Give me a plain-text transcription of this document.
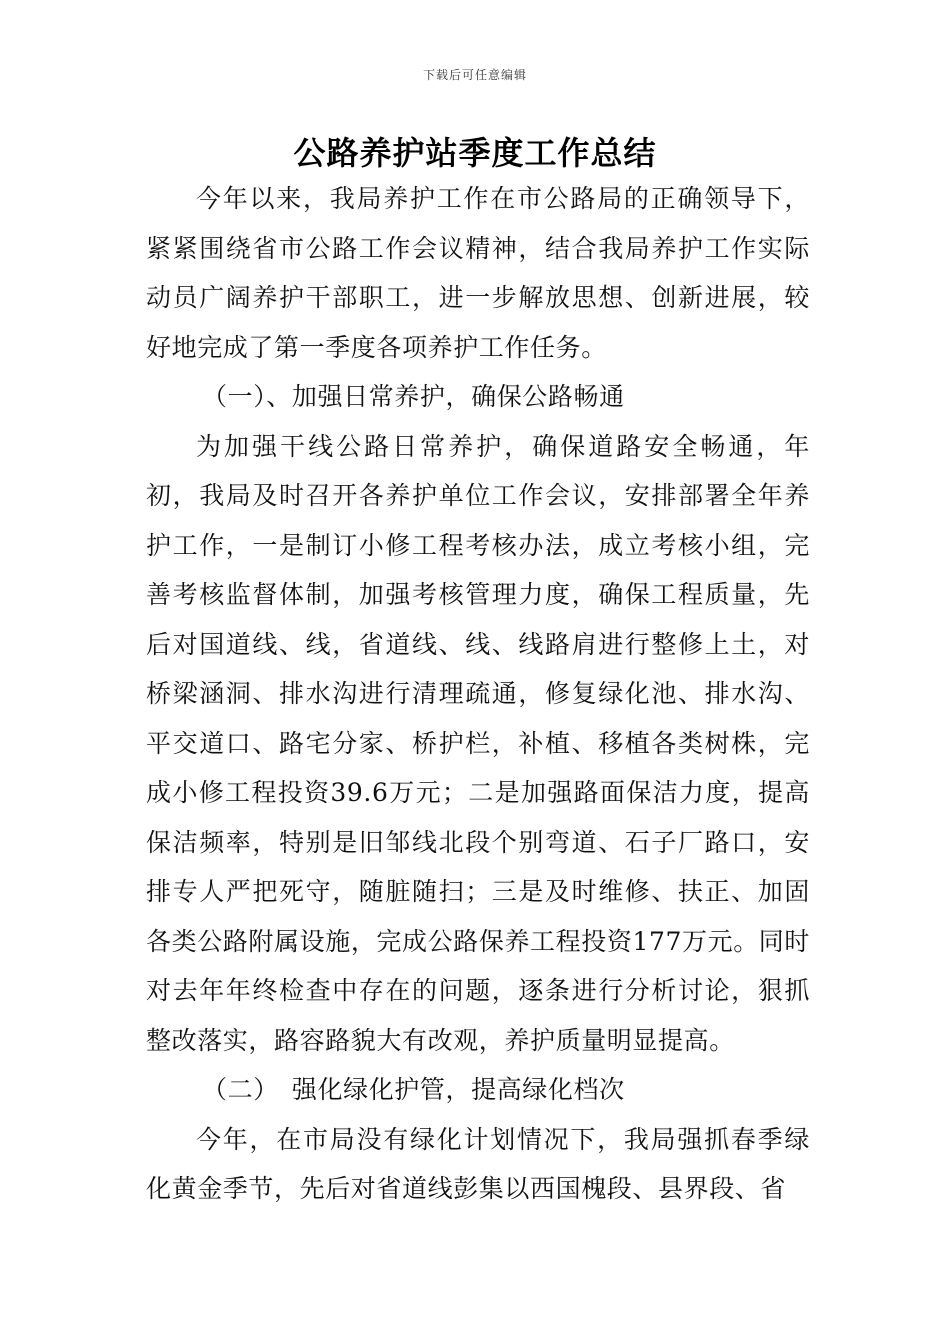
下载后可任意编辑
公路养护站季度工作总结

今年以来，我局养护工作在市公路局的正确领导下，紧紧围绕省市公路工作会议精神，结合我局养护工作实际动员广阔养护干部职工，进一步解放思想、创新进展，较好地完成了第一季度各项养护工作任务。

（一）、加强日常养护，确保公路畅通

为加强干线公路日常养护，确保道路安全畅通，年初，我局及时召开各养护单位工作会议，安排部署全年养护工作，一是制订小修工程考核办法，成立考核小组，完善考核监督体制，加强考核管理力度，确保工程质量，先后对国道线、线，省道线、线、线路肩进行整修上土，对桥梁涵洞、排水沟进行清理疏通，修复绿化池、排水沟、平交道口、路宅分家、桥护栏，补植、移植各类树株，完成小修工程投资39.6万元；二是加强路面保洁力度，提高保洁频率，特别是旧邹线北段个别弯道、石子厂路口，安排专人严把死守，随脏随扫；三是及时维修、扶正、加固各类公路附属设施，完成公路保养工程投资177万元。同时对去年年终检查中存在的问题，逐条进行分析讨论，狠抓整改落实，路容路貌大有改观，养护质量明显提高。

（二）　强化绿化护管，提高绿化档次

今年，在市局没有绿化计划情况下，我局强抓春季绿化黄金季节，先后对省道线彭集以西国槐段、县界段、省
